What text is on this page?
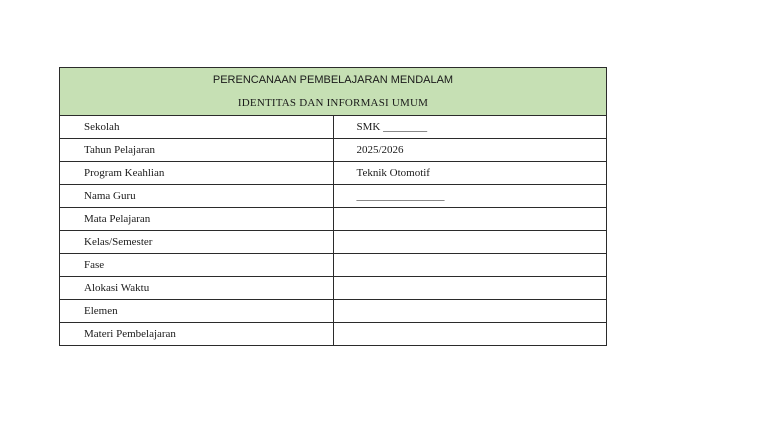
PERENCANAAN PEMBELAJARAN MENDALAM
IDENTITAS DAN INFORMASI UMUM	

Sekolah	SMK ________
Tahun Pelajaran	2025/2026
Program Keahlian	Teknik Otomotif
Nama Guru	________________
Mata Pelajaran	
Kelas/Semester	
Fase	
Alokasi Waktu	
Elemen	
Materi Pembelajaran	
